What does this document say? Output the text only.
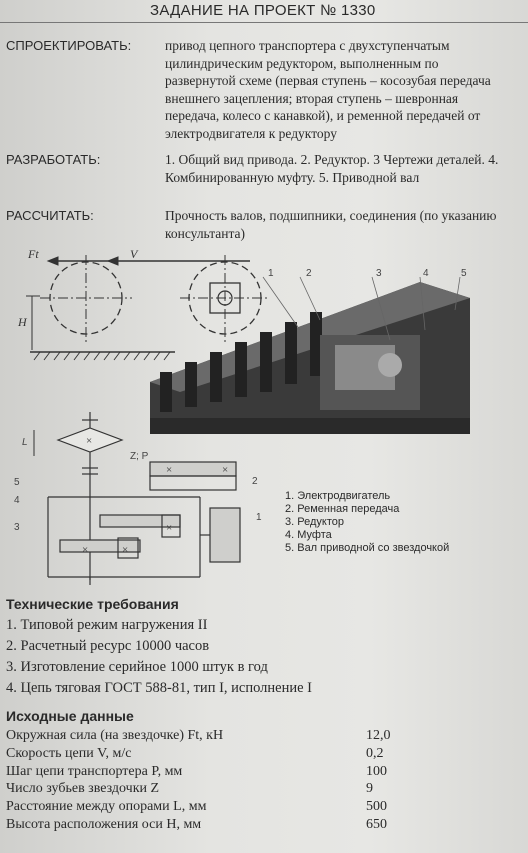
ЗАДАНИЕ НА ПРОЕКТ № 1330
СПРОЕКТИРОВАТЬ:	привод цепного транспортера с двухступенчатым цилиндрическим редуктором, выполненным по развернутой схеме (первая ступень – косозубая передача внешнего зацепления; вторая ступень – шевронная передача, колесо с канавкой), и ременной передачей от электродвигателя к редуктору
РАЗРАБОТАТЬ:	1. Общий вид привода. 2. Редуктор. 3 Чертежи деталей. 4. Комбинированную муфту. 5. Приводной вал
РАССЧИТАТЬ:	Прочность валов, подшипники, соединения (по указанию консультанта)
Ft	V
H
1	2	3	4	5
×
×	×
×
×
×
Z; P
L
1
2
3
4
5
1. Электродвигатель
2. Ременная передача
3. Редуктор
4. Муфта
5. Вал приводной со звездочкой
Технические требования
1. Типовой режим нагружения II
2. Расчетный ресурс 10000 часов
3. Изготовление серийное 1000 штук в год
4. Цепь тяговая ГОСТ 588-81, тип I, исполнение I
Исходные данные
Окружная сила (на звездочке) Ft, кН	12,0
Скорость цепи V, м/с	0,2
Шаг цепи транспортера P, мм	100
Число зубьев звездочки Z	9
Расстояние между опорами L, мм	500
Высота расположения оси H, мм	650
